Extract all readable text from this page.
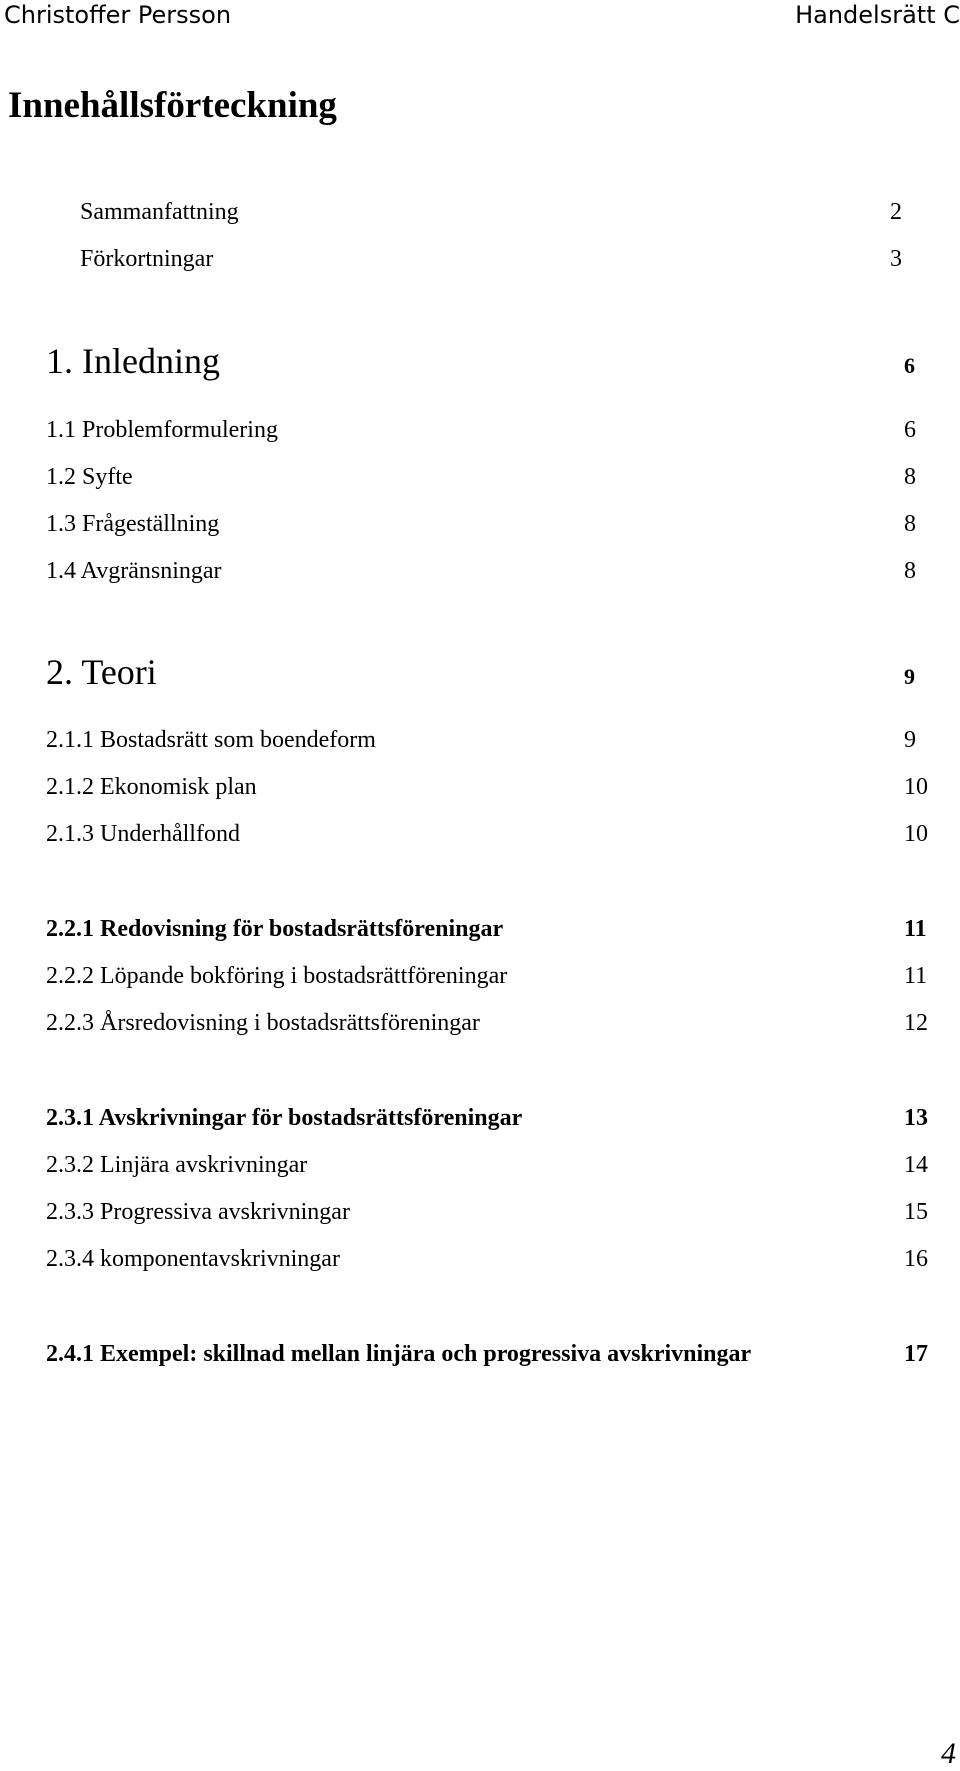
Christoffer Persson	Handelsrätt C
Innehållsförteckning
Sammanfattning	2
Förkortningar	3
1. Inledning	6
1.1 Problemformulering	6
1.2 Syfte	8
1.3 Frågeställning	8
1.4 Avgränsningar	8
2. Teori	9
2.1.1 Bostadsrätt som boendeform	9
2.1.2 Ekonomisk plan	10
2.1.3 Underhållfond	10
2.2.1 Redovisning för bostadsrättsföreningar	11
2.2.2 Löpande bokföring i bostadsrättföreningar	11
2.2.3 Årsredovisning i bostadsrättsföreningar	12
2.3.1 Avskrivningar för bostadsrättsföreningar	13
2.3.2 Linjära avskrivningar	14
2.3.3 Progressiva avskrivningar	15
2.3.4 komponentavskrivningar	16
2.4.1 Exempel: skillnad mellan linjära och progressiva avskrivningar	17
4
